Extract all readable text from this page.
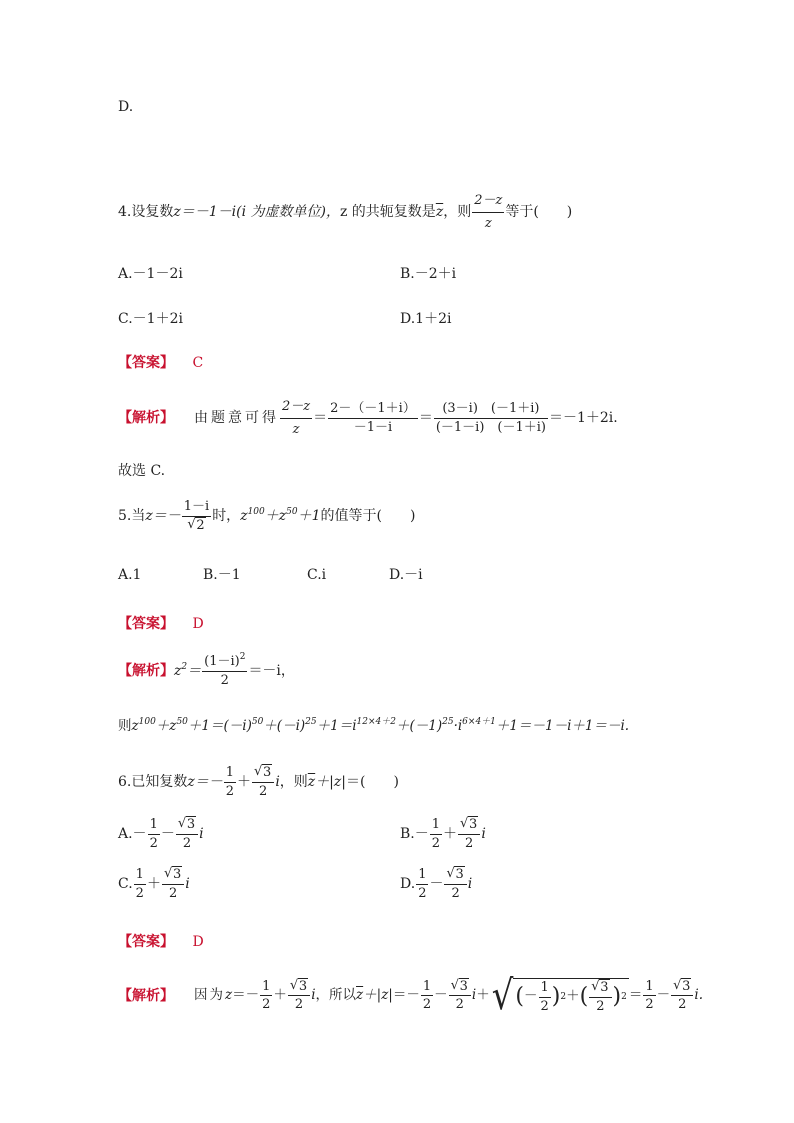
D.
4.设复数 z＝－1－i(i 为虚数单位)， z 的共轭复数是 $\overline{z}$ ，则 $\frac{2-z}{z}$ 等于(　　)
A.－1－2i	B.－2＋i
C.－1＋2i	D.1＋2i
【答案】 C
【解析】 由题意可得 $\frac{2-z}{z} = \frac{2-(-1+i)}{-1-i} = \frac{(3-i) (-1+i)}{(-1-i) (-1+i)} =-1+2i$.
故选 C.
5.当 z＝－ 1－i
√ 2 时， $z^{100}+z^{50}+1$ 的值等于(　　)
A.1	B.－1	C.i	D.－i
【答案】 D
【解析】 $z^2= \frac{(1-i)^2}{2} =-i$，
则$z^{100}+z^{50}+1=(-i)^{50}+(-i)^{25}+1=i^{12\times 4+2}+(-1)^{25}\cdot i^{6\times 4+1}+1=-1-i+1=-i$.
6.已知复数 $z=- \frac{1}{2}$ ＋ √ $\frac{3}{2}$ i ，则 $\overline{z}+|z|$ ＝(　　)
$A.- \frac{1}{2}$ － √ $\frac{3}{2}$ i	$B.- \frac{1}{2}$ ＋ √ $\frac{3}{2}$ i
C. $\frac{1}{2}$ ＋ √ $\frac{3}{2}$ i	D. $\frac{1}{2}$ － √ $\frac{3}{2}$ i
【答案】 D
【解析】 因为 $z =- \frac{1}{2}$ ＋ √ $\frac{3}{2}$ i ， 所以 $\overline{z}+|z| =- \frac{1}{2}$ － √ $\frac{3}{2}$ i ＋ √ ( － $\frac{1}{2}$ ) 2 ＋ ( √ $\frac{3}{2}$ ) $2 = \frac{1}{2}$ － √ $\frac{3}{2} i$.
